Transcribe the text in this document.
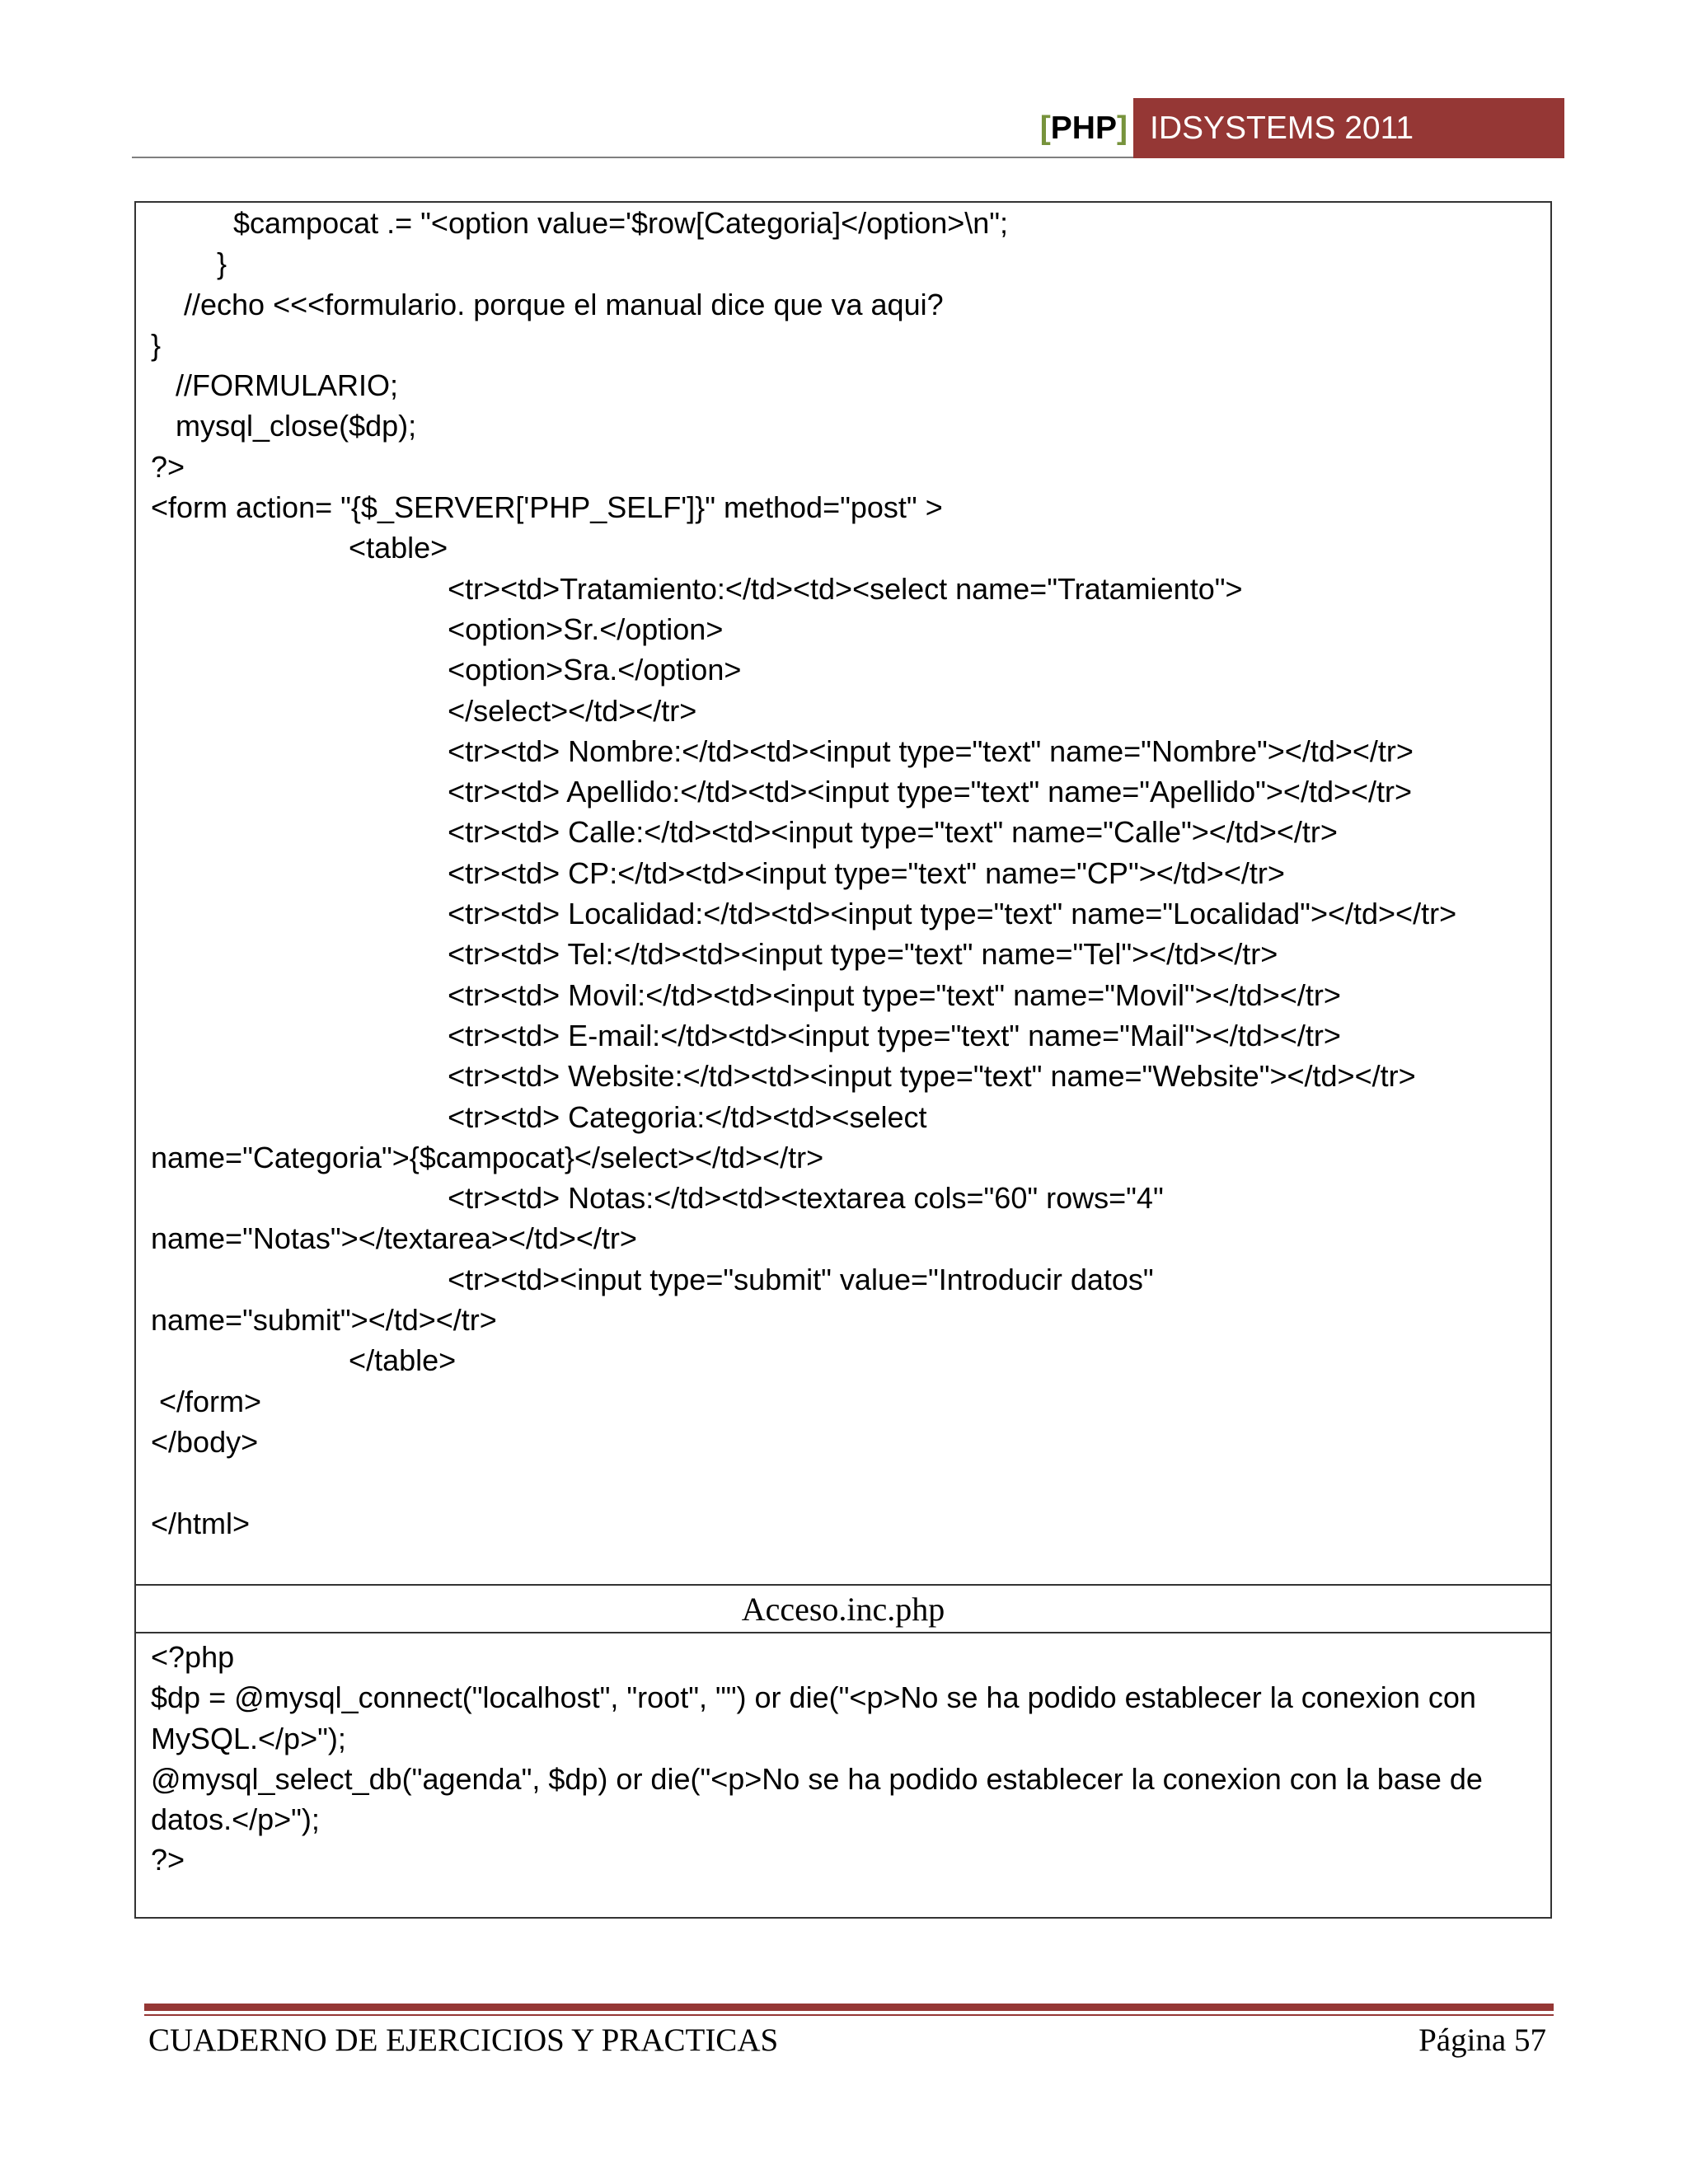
[PHP] IDSYSTEMS 2011
$campocat .= "<option value='$row[Categoria]</option>\n";
}
//echo <<<formulario. porque el manual dice que va aqui?
}
//FORMULARIO;
mysql_close($dp);
?>
<form action= "{$_SERVER['PHP_SELF']}" method="post" >
<table>
<tr><td>Tratamiento:</td><td><select name="Tratamiento">
<option>Sr.</option>
<option>Sra.</option>
</select></td></tr>
<tr><td> Nombre:</td><td><input type="text" name="Nombre"></td></tr>
<tr><td> Apellido:</td><td><input type="text" name="Apellido"></td></tr>
<tr><td> Calle:</td><td><input type="text" name="Calle"></td></tr>
<tr><td> CP:</td><td><input type="text" name="CP"></td></tr>
<tr><td> Localidad:</td><td><input type="text" name="Localidad"></td></tr>
<tr><td> Tel:</td><td><input type="text" name="Tel"></td></tr>
<tr><td> Movil:</td><td><input type="text" name="Movil"></td></tr>
<tr><td> E-mail:</td><td><input type="text" name="Mail"></td></tr>
<tr><td> Website:</td><td><input type="text" name="Website"></td></tr>
<tr><td> Categoria:</td><td><select
name="Categoria">{$campocat}</select></td></tr>
<tr><td> Notas:</td><td><textarea cols="60" rows="4"
name="Notas"></textarea></td></tr>
<tr><td><input type="submit" value="Introducir datos"
name="submit"></td></tr>
</table>
</form>
</body>

</html>
Acceso.inc.php
<?php
$dp = @mysql_connect("localhost", "root", "") or die("<p>No se ha podido establecer la conexion con
MySQL.</p>");
@mysql_select_db("agenda", $dp) or die("<p>No se ha podido establecer la conexion con la base de
datos.</p>");
?>
CUADERNO DE EJERCICIOS Y PRACTICAS	Página 57
